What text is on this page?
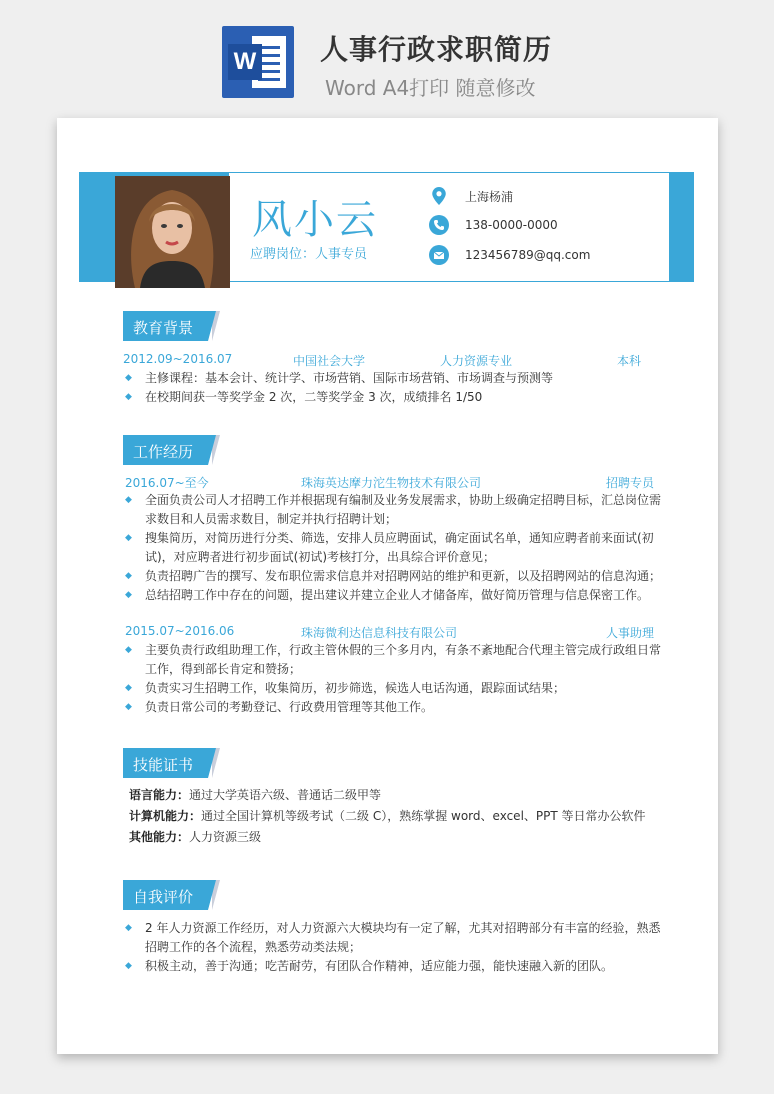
W 人事行政求职简历
Word A4打印 随意修改
风小云
应聘岗位：人事专员
上海杨浦
138-0000-0000
123456789@qq.com
教育背景
2012.09~2016.07	中国社会大学	人力资源专业	本科
◆ 主修课程：基本会计、统计学、市场营销、国际市场营销、市场调查与预测等
◆ 在校期间获一等奖学金 2 次，二等奖学金 3 次，成绩排名 1/50
工作经历
2016.07~至今	珠海英达摩力沱生物技术有限公司	招聘专员
◆ 全面负责公司人才招聘工作并根据现有编制及业务发展需求，协助上级确定招聘目标，汇总岗位需求数目和人员需求数目，制定并执行招聘计划；
◆ 搜集简历，对简历进行分类、筛选，安排人员应聘面试，确定面试名单，通知应聘者前来面试(初试)，对应聘者进行初步面试(初试)考核打分，出具综合评价意见；
◆ 负责招聘广告的撰写、发布职位需求信息并对招聘网站的维护和更新，以及招聘网站的信息沟通；
◆ 总结招聘工作中存在的问题，提出建议并建立企业人才储备库，做好简历管理与信息保密工作。
2015.07~2016.06	珠海微利达信息科技有限公司	人事助理
◆ 主要负责行政组助理工作，行政主管休假的三个多月内，有条不紊地配合代理主管完成行政组日常工作，得到部长肯定和赞扬；
◆ 负责实习生招聘工作，收集简历，初步筛选，候选人电话沟通，跟踪面试结果；
◆ 负责日常公司的考勤登记、行政费用管理等其他工作。
技能证书
语言能力：通过大学英语六级、普通话二级甲等
计算机能力：通过全国计算机等级考试（二级 C），熟练掌握 word、excel、PPT 等日常办公软件
其他能力：人力资源三级
自我评价
◆ 2 年人力资源工作经历，对人力资源六大模块均有一定了解，尤其对招聘部分有丰富的经验，熟悉招聘工作的各个流程，熟悉劳动类法规；
◆ 积极主动，善于沟通；吃苦耐劳，有团队合作精神，适应能力强，能快速融入新的团队。
